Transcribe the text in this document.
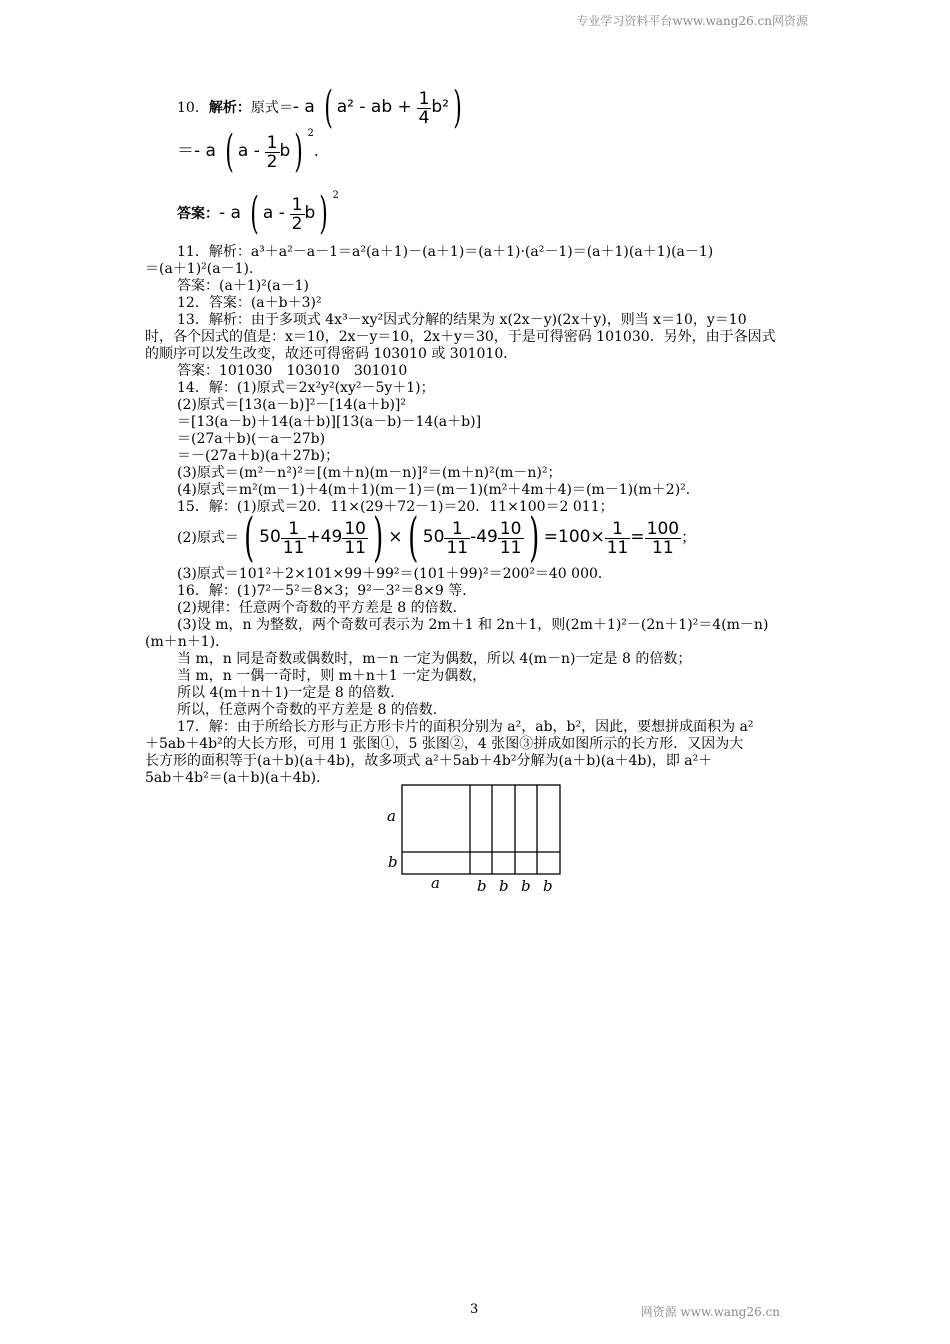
专业学习资料平台www.wang26.cn网资源
10．解析：原式＝- a ( a² - ab + $\frac{1}{4} b^2$)
＝- a ( a - $\frac{1}{2} b$) $^2$.
答案：- a ( a - $\frac{1}{2} b$) $^2$
11．解析：a³＋a²－a－1＝a²(a＋1)－(a＋1)＝(a＋1)·(a²－1)＝(a＋1)(a＋1)(a－1)
＝(a＋1)²(a－1)．
答案：(a＋1)²(a－1)
12．答案：(a＋b＋3)²
13．解析：由于多项式 4x³－xy²因式分解的结果为 x(2x－y)(2x＋y)，则当 x＝10，y＝10
时，各个因式的值是：x＝10，2x－y＝10，2x＋y＝30，于是可得密码 101030．另外，由于各因式
的顺序可以发生改变，故还可得密码 103010 或 301010．
答案：101030　103010　301010
14．解：(1)原式＝2x²y²(xy²－5y＋1)；
(2)原式＝[13(a－b)]²－[14(a＋b)]²
＝[13(a－b)＋14(a＋b)][13(a－b)－14(a＋b)]
＝(27a＋b)(－a－27b)
＝－(27a＋b)(a＋27b)；
(3)原式＝(m²－n²)²＝[(m＋n)(m－n)]²＝(m＋n)²(m－n)²；
(4)原式＝m²(m－1)＋4(m＋1)(m－1)＝(m－1)(m²＋4m＋4)＝(m－1)(m＋2)²．
15．解：(1)原式＝20．11×(29＋72－1)＝20．11×100＝2 011；
(2)原式＝( $50 \frac{1}{11} +49 \frac{10}{11}$ ) ×( $50 \frac{1}{11} -49 \frac{10}{11}$ ) $=100\times \frac{1}{11} = \frac{100}{11}$ ；
(3)原式＝101²＋2×101×99＋99²＝(101＋99)²＝200²＝40 000．
16．解：(1)7²－5²＝8×3；9²－3²＝8×9 等．
(2)规律：任意两个奇数的平方差是 8 的倍数．
(3)设 m，n 为整数，两个奇数可表示为 2m＋1 和 2n＋1，则(2m＋1)²－(2n＋1)²＝4(m－n)
(m＋n＋1)．
当 m，n 同是奇数或偶数时，m－n 一定为偶数，所以 4(m－n)一定是 8 的倍数；
当 m，n 一偶一奇时，则 m＋n＋1 一定为偶数，
所以 4(m＋n＋1)一定是 8 的倍数．
所以，任意两个奇数的平方差是 8 的倍数．
17．解：由于所给长方形与正方形卡片的面积分别为 a²，ab，b²，因此，要想拼成面积为 a²
＋5ab＋4b²的大长方形，可用 1 张图①，5 张图②，4 张图③拼成如图所示的长方形．又因为大
长方形的面积等于(a＋b)(a＋4b)，故多项式 a²＋5ab＋4b²分解为(a＋b)(a＋4b)，即 a²＋
5ab＋4b²＝(a＋b)(a＋4b)．
a
b
a b b b b
3	网资源 www.wang26.cn
